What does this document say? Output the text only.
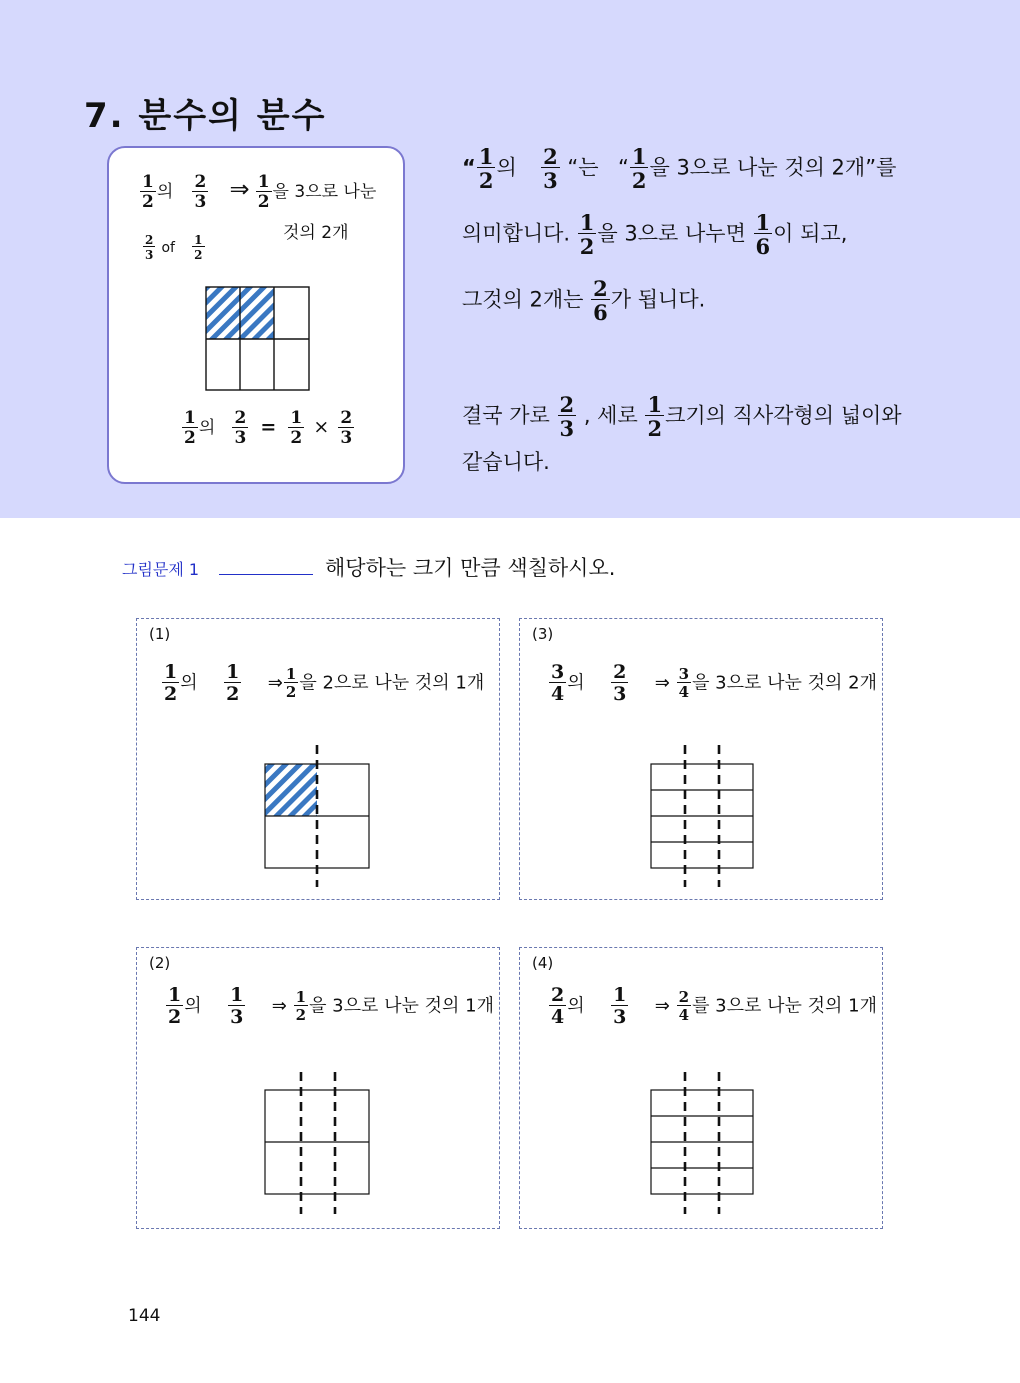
7. 분수의 분수
$\frac{1}{2}$ 의 $\frac{2}{3}$ ⇒ $\frac{1}{2}$ 을 3으로 나눈
것의 2개
$\frac{2}{3}$ of $\frac{1}{2}$
$\frac{1}{2}$ 의 $\frac{2}{3} = \frac{1}{2} \times \frac{2}{3}$
“ $\frac{1}{2}$ 의 $\frac{2}{3}$ “는 “ $\frac{1}{2}$ 을 3으로 나눈 것의 2개”를
의미합니다. $\frac{1}{2}$ 을 3으로 나누면 $\frac{1}{6}$ 이 되고,
그것의 2개는 $\frac{2}{6}$ 가 됩니다.
결국 가로 $\frac{2}{3}$ , 세로 $\frac{1}{2}$ 크기의 직사각형의 넓이와
같습니다.
그림문제 1	해당하는 크기 만큼 색칠하시오.
(1)
$\frac{1}{2}$ 의 $\frac{1}{2}$ ⇒ $\frac{1}{2}$ 을 2으로 나눈 것의 1개
(3)
$\frac{3}{4}$ 의 $\frac{2}{3}$ ⇒ $\frac{3}{4}$ 을 3으로 나눈 것의 2개
(2)
$\frac{1}{2}$ 의 $\frac{1}{3}$ ⇒ $\frac{1}{2}$ 을 3으로 나눈 것의 1개
(4)
$\frac{2}{4}$ 의 $\frac{1}{3}$ ⇒ $\frac{2}{4}$ 를 3으로 나눈 것의 1개
144
